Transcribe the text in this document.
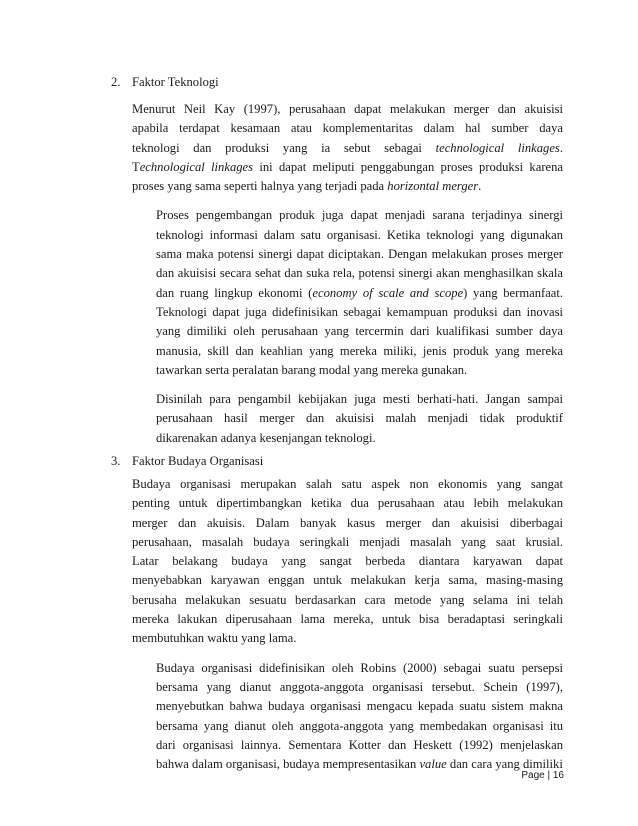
2. Faktor Teknologi

Menurut Neil Kay (1997), perusahaan dapat melakukan merger dan akuisisi
apabila terdapat kesamaan atau komplementaritas dalam hal sumber daya
teknologi dan produksi yang ia sebut sebagai technological linkages.
Technological linkages ini dapat meliputi penggabungan proses produksi karena
proses yang sama seperti halnya yang terjadi pada horizontal merger.

Proses pengembangan produk juga dapat menjadi sarana terjadinya sinergi
teknologi informasi dalam satu organisasi. Ketika teknologi yang digunakan
sama maka potensi sinergi dapat diciptakan. Dengan melakukan proses merger
dan akuisisi secara sehat dan suka rela, potensi sinergi akan menghasilkan skala
dan ruang lingkup ekonomi (economy of scale and scope) yang bermanfaat.
Teknologi dapat juga didefinisikan sebagai kemampuan produksi dan inovasi
yang dimiliki oleh perusahaan yang tercermin dari kualifikasi sumber daya
manusia, skill dan keahlian yang mereka miliki, jenis produk yang mereka
tawarkan serta peralatan barang modal yang mereka gunakan.

Disinilah para pengambil kebijakan juga mesti berhati-hati. Jangan sampai
perusahaan hasil merger dan akuisisi malah menjadi tidak produktif
dikarenakan adanya kesenjangan teknologi.

3. Faktor Budaya Organisasi

Budaya organisasi merupakan salah satu aspek non ekonomis yang sangat
penting untuk dipertimbangkan ketika dua perusahaan atau lebih melakukan
merger dan akuisis. Dalam banyak kasus merger dan akuisisi diberbagai
perusahaan, masalah budaya seringkali menjadi masalah yang saat krusial.
Latar belakang budaya yang sangat berbeda diantara karyawan dapat
menyebabkan karyawan enggan untuk melakukan kerja sama, masing-masing
berusaha melakukan sesuatu berdasarkan cara metode yang selama ini telah
mereka lakukan diperusahaan lama mereka, untuk bisa beradaptasi seringkali
membutuhkan waktu yang lama.

Budaya organisasi didefinisikan oleh Robins (2000) sebagai suatu persepsi
bersama yang dianut anggota-anggota organisasi tersebut. Schein (1997),
menyebutkan bahwa budaya organisasi mengacu kepada suatu sistem makna
bersama yang dianut oleh anggota-anggota yang membedakan organisasi itu
dari organisasi lainnya. Sementara Kotter dan Heskett (1992) menjelaskan
bahwa dalam organisasi, budaya mempresentasikan value dan cara yang dimiliki

Page | 16
